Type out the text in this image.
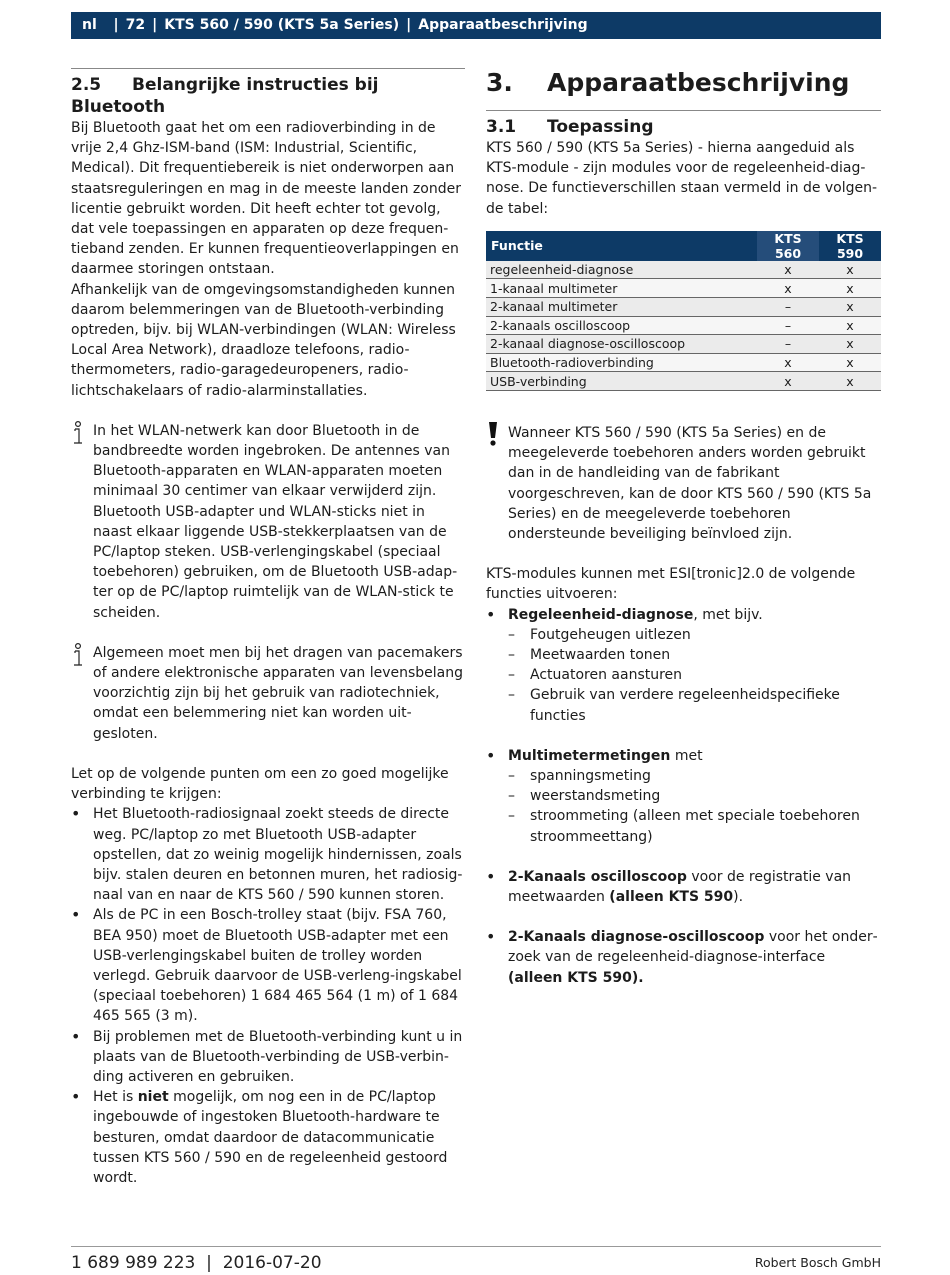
nl  | 72 | KTS 560 / 590 (KTS 5a Series) | Apparaatbeschrijving
2.5 Belangrijke instructies bij Bluetooth

Bij Bluetooth gaat het om een radioverbinding in de vrije 2,4 Ghz-ISM-band (ISM: Industrial, Scientific, Medical). Dit frequentiebereik is niet onderworpen aan staatsreguleringen en mag in de meeste landen zonder licentie gebruikt worden. Dit heeft echter tot gevolg, dat vele toepassingen en apparaten op deze frequentieband zenden. Er kunnen frequentieoverlappingen en daarmee storingen ontstaan.

Afhankelijk van de omgevingsomstandigheden kunnen daarom belemmeringen van de Bluetooth-verbinding optreden, bijv. bij WLAN-verbindingen (WLAN: Wireless Local Area Network), draadloze telefoons, radio-thermometers, radio-garagedeuropeners, radio-lichtschakelaars of radio-alarminstallaties.

In het WLAN-netwerk kan door Bluetooth in de bandbreedte worden ingebroken. De antennes van Bluetooth-apparaten en WLAN-apparaten moeten minimaal 30 centimer van elkaar verwijderd zijn. Bluetooth USB-adapter und WLAN-sticks niet in naast elkaar liggende USB-stekkerplaatsen van de PC/laptop steken. USB-verlengingskabel (speciaal toebehoren) gebruiken, om de Bluetooth USB-adapter op de PC/laptop ruimtelijk van de WLAN-stick te scheiden.

Algemeen moet men bij het dragen van pacemakers of andere elektronische apparaten van levensbelang voorzichtig zijn bij het gebruik van radiotechniek, omdat een belemmering niet kan worden uitgesloten.

Let op de volgende punten om een zo goed mogelijke verbinding te krijgen:

• Het Bluetooth-radiosignaal zoekt steeds de directe weg. PC/laptop zo met Bluetooth USB-adapter opstellen, dat zo weinig mogelijk hindernissen, zoals bijv. stalen deuren en betonnen muren, het radiosignaal van en naar de KTS 560 / 590 kunnen storen.
• Als de PC in een Bosch-trolley staat (bijv. FSA 760, BEA 950) moet de Bluetooth USB-adapter met een USB-verlengingskabel buiten de trolley worden verlegd. Gebruik daarvoor de USB-verleng-ingskabel (speciaal toebehoren) 1 684 465 564 (1 m) of 1 684 465 565 (3 m).
• Bij problemen met de Bluetooth-verbinding kunt u in plaats van de Bluetooth-verbinding de USB-verbinding activeren en gebruiken.
• Het is niet mogelijk, om nog een in de PC/laptop ingebouwde of ingestoken Bluetooth-hardware te besturen, omdat daardoor de datacommunicatie tussen KTS 560 / 590 en de regeleenheid gestoord wordt.
3. Apparaatbeschrijving
3.1 Toepassing

KTS 560 / 590 (KTS 5a Series) - hierna aangeduid als KTS-module - zijn modules voor de regeleenheid-diagnose. De functieverschillen staan vermeld in de volgende tabel:

Functie	KTS 560	KTS 590
regeleenheid-diagnose	x	x
1-kanaal multimeter	x	x
2-kanaal multimeter	–	x
2-kanaals oscilloscoop	–	x
2-kanaal diagnose-oscilloscoop	–	x
Bluetooth-radioverbinding	x	x
USB-verbinding	x	x

Wanneer KTS 560 / 590 (KTS 5a Series) en de meegeleverde toebehoren anders worden gebruikt dan in de handleiding van de fabrikant voorgeschreven, kan de door KTS 560 / 590 (KTS 5a Series) en de meegeleverde toebehoren ondersteunde beveiliging beïnvloed zijn.

KTS-modules kunnen met ESI[tronic]2.0 de volgende functies uitvoeren:

• Regeleenheid-diagnose, met bijv.
– Foutgeheugen uitlezen
– Meetwaarden tonen
– Actuatoren aansturen
– Gebruik van verdere regeleenheidspecifieke functies
• Multimetermetingen met
– spanningsmeting
– weerstandsmeting
– stroommeting (alleen met speciale toebehoren stroommeettang)
• 2-Kanaals oscilloscoop voor de registratie van meetwaarden (alleen KTS 590).
• 2-Kanaals diagnose-oscilloscoop voor het onderzoek van de regeleenheid-diagnose-interface (alleen KTS 590).
1 689 989 223  |  2016-07-20	Robert Bosch GmbH
